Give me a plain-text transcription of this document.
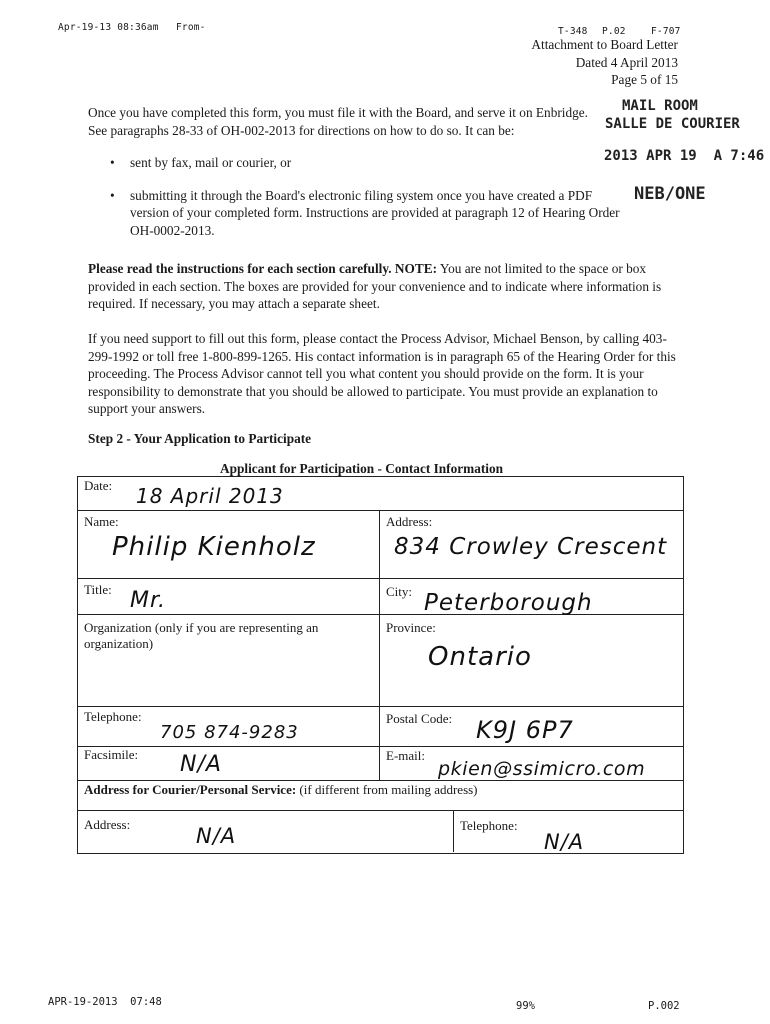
Apr-19-13 08:36am From-	T-348 P.02	F-707
Attachment to Board Letter
Dated 4 April 2013
Page 5 of 15
MAIL ROOM
SALLE DE COURIER
2013 APR 19  A 7:46
NEB/ONE
Once you have completed this form, you must file it with the Board, and serve it on Enbridge.
See paragraphs 28-33 of OH-002-2013 for directions on how to do so. It can be:
• sent by fax, mail or courier, or
• submitting it through the Board's electronic filing system once you have created a PDF version of your completed form. Instructions are provided at paragraph 12 of Hearing Order OH-0002-2013.
Please read the instructions for each section carefully. NOTE: You are not limited to the space or box provided in each section. The boxes are provided for your convenience and to indicate where information is required. If necessary, you may attach a separate sheet.
If you need support to fill out this form, please contact the Process Advisor, Michael Benson, by calling 403-299-1992 or toll free 1-800-899-1265. His contact information is in paragraph 65 of the Hearing Order for this proceeding. The Process Advisor cannot tell you what content you should provide on the form. It is your responsibility to demonstrate that you should be allowed to participate. You must provide an explanation to support your answers.
Step 2 - Your Application to Participate
Applicant for Participation - Contact Information
Date: 18 April 2013
Name:
Philip Kienholz
Address:
834 Crowley Crescent
Title: Mr.	City: Peterborough
Organization (only if you are representing an organization)
Province:
Ontario
Telephone:
705 874-9283
Postal Code: K9J 6P7
Facsimile: N/A	E-mail:
pkien@ssimicro.com
Address for Courier/Personal Service: (if different from mailing address)
Address:	N/A	Telephone:
N/A
APR-19-2013  07:48	99%	P.002
